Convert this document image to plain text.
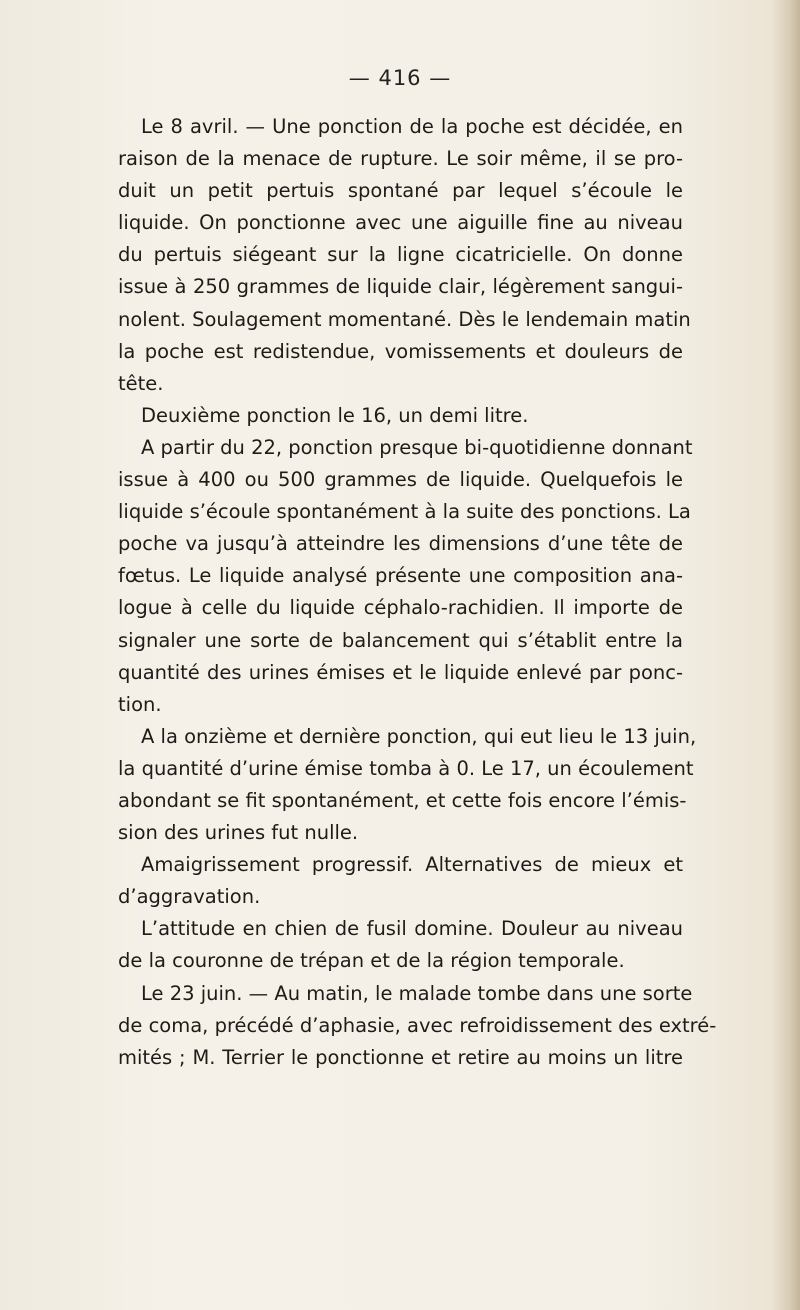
— 416 —
Le 8 avril. — Une ponction de la poche est décidée, en
raison de la menace de rupture. Le soir même, il se pro-
duit un petit pertuis spontané par lequel s’écoule le
liquide. On ponctionne avec une aiguille fine au niveau
du pertuis siégeant sur la ligne cicatricielle. On donne
issue à 250 grammes de liquide clair, légèrement sangui-
nolent. Soulagement momentané. Dès le lendemain matin
la poche est redistendue, vomissements et douleurs de
tête.
Deuxième ponction le 16, un demi litre.
A partir du 22, ponction presque bi-quotidienne donnant
issue à 400 ou 500 grammes de liquide. Quelquefois le
liquide s’écoule spontanément à la suite des ponctions. La
poche va jusqu’à atteindre les dimensions d’une tête de
fœtus. Le liquide analysé présente une composition ana-
logue à celle du liquide céphalo-rachidien. Il importe de
signaler une sorte de balancement qui s’établit entre la
quantité des urines émises et le liquide enlevé par ponc-
tion.
A la onzième et dernière ponction, qui eut lieu le 13 juin,
la quantité d’urine émise tomba à 0. Le 17, un écoulement
abondant se fit spontanément, et cette fois encore l’émis-
sion des urines fut nulle.
Amaigrissement progressif. Alternatives de mieux et
d’aggravation.
L’attitude en chien de fusil domine. Douleur au niveau
de la couronne de trépan et de la région temporale.
Le 23 juin. — Au matin, le malade tombe dans une sorte
de coma, précédé d’aphasie, avec refroidissement des extré-
mités ; M. Terrier le ponctionne et retire au moins un litre
